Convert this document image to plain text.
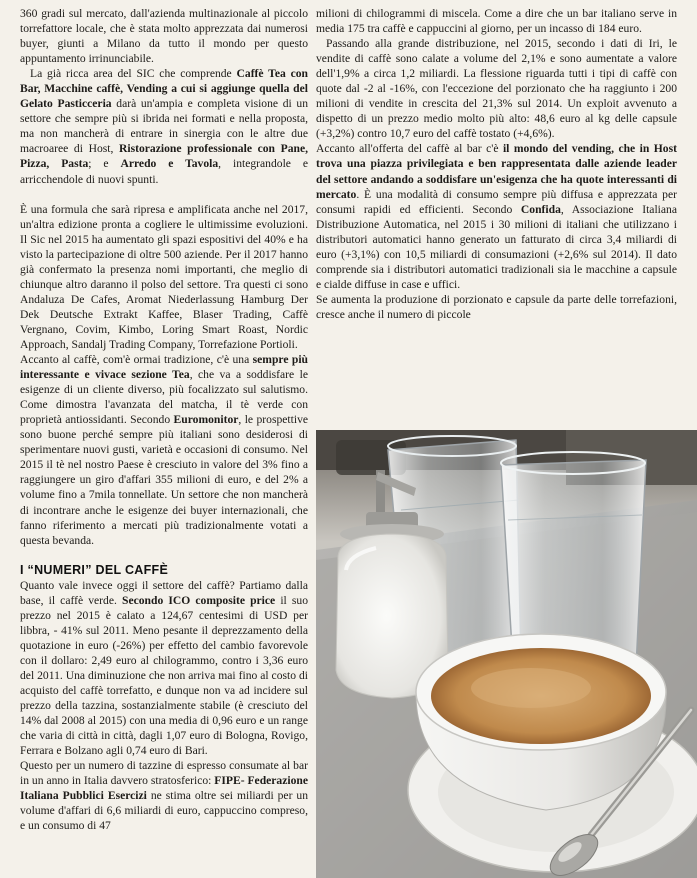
360 gradi sul mercato, dall'azienda multinazionale al piccolo torrefattore locale, che è stata molto apprezzata dai numerosi buyer, giunti a Milano da tutto il mondo per questo appuntamento irrinunciabile.

La già ricca area del SIC che comprende Caffè Tea con Bar, Macchine caffè, Vending a cui si aggiunge quella del Gelato Pasticceria darà un'ampia e completa visione di un settore che sempre più si ibrida nei formati e nella proposta, ma non mancherà di entrare in sinergia con le altre due macroaree di Host, Ristorazione professionale con Pane, Pizza, Pasta; e Arredo e Tavola, integrandole e arricchendole di nuovi spunti.

È una formula che sarà ripresa e amplificata anche nel 2017, un'altra edizione pronta a cogliere le ultimissime evoluzioni. Il Sic nel 2015 ha aumentato gli spazi espositivi del 40% e ha visto la partecipazione di oltre 500 aziende. Per il 2017 hanno già confermato la presenza nomi importanti, che meglio di chiunque altro daranno il polso del settore. Tra questi ci sono Andaluza De Cafes, Aromat Niederlassung Hamburg Der Dek Deutsche Extrakt Kaffee, Blaser Trading, Caffè Vergnano, Covim, Kimbo, Loring Smart Roast, Nordic Approach, Sandalj Trading Company, Torrefazione Portioli.

Accanto al caffè, com'è ormai tradizione, c'è una sempre più interessante e vivace sezione Tea, che va a soddisfare le esigenze di un cliente diverso, più focalizzato sul salutismo. Come dimostra l'avanzata del matcha, il tè verde con proprietà antiossidanti. Secondo Euromonitor, le prospettive sono buone perché sempre più italiani sono desiderosi di sperimentare nuovi gusti, varietà e occasioni di consumo. Nel 2015 il tè nel nostro Paese è cresciuto in valore del 3% fino a raggiungere un giro d'affari 355 milioni di euro, e del 2% a volume fino a 7mila tonnellate. Un settore che non mancherà di incontrare anche le esigenze dei buyer internazionali, che fanno riferimento a mercati più tradizionalmente votati a questa bevanda.

I “NUMERI” DEL CAFFÈ

Quanto vale invece oggi il settore del caffè? Partiamo dalla base, il caffè verde. Secondo ICO composite price il suo prezzo nel 2015 è calato a 124,67 centesimi di USD per libbra, - 41% sul 2011. Meno pesante il deprezzamento della quotazione in euro (-26%) per effetto del cambio favorevole con il dollaro: 2,49 euro al chilogrammo, contro i 3,36 euro del 2011. Una diminuzione che non arriva mai fino al costo di acquisto del caffè torrefatto, e dunque non va ad incidere sul prezzo della tazzina, sostanzialmente stabile (è cresciuto del 14% dal 2008 al 2015) con una media di 0,96 euro e un range che varia di città in città, dagli 1,07 euro di Bologna, Rovigo, Ferrara e Bolzano agli 0,74 euro di Bari.

Questo per un numero di tazzine di espresso consumate al bar in un anno in Italia davvero stratosferico: FIPE- Federazione Italiana Pubblici Esercizi ne stima oltre sei miliardi per un volume d'affari di 6,6 miliardi di euro, cappuccino compreso, e un consumo di 47

milioni di chilogrammi di miscela. Come a dire che un bar italiano serve in media 175 tra caffè e cappuccini al giorno, per un incasso di 184 euro.

Passando alla grande distribuzione, nel 2015, secondo i dati di Iri, le vendite di caffè sono calate a volume del 2,1% e sono aumentate a valore dell'1,9% a circa 1,2 miliardi. La flessione riguarda tutti i tipi di caffè con quote dal -2 al -16%, con l'eccezione del porzionato che ha raggiunto i 200 milioni di vendite in crescita del 21,3% sul 2014. Un exploit avvenuto a dispetto di un prezzo medio molto più alto: 48,6 euro al kg delle capsule (+3,2%) contro 10,7 euro del caffè tostato (+4,6%).

Accanto all'offerta del caffè al bar c'è il mondo del vending, che in Host trova una piazza privilegiata e ben rappresentata dalle aziende leader del settore andando a soddisfare un'esigenza che ha quote interessanti di mercato. È una modalità di consumo sempre più diffusa e apprezzata per consumi rapidi ed efficienti. Secondo Confida, Associazione Italiana Distribuzione Automatica, nel 2015 i 30 milioni di italiani che utilizzano i distributori automatici hanno generato un fatturato di circa 3,4 miliardi di euro (+3,1%) con 10,5 miliardi di consumazioni (+2,6% sul 2014). Il dato comprende sia i distributori automatici tradizionali sia le macchine a capsule e cialde diffuse in case e uffici.

Se aumenta la produzione di porzionato e capsule da parte delle torrefazioni, cresce anche il numero di piccole
